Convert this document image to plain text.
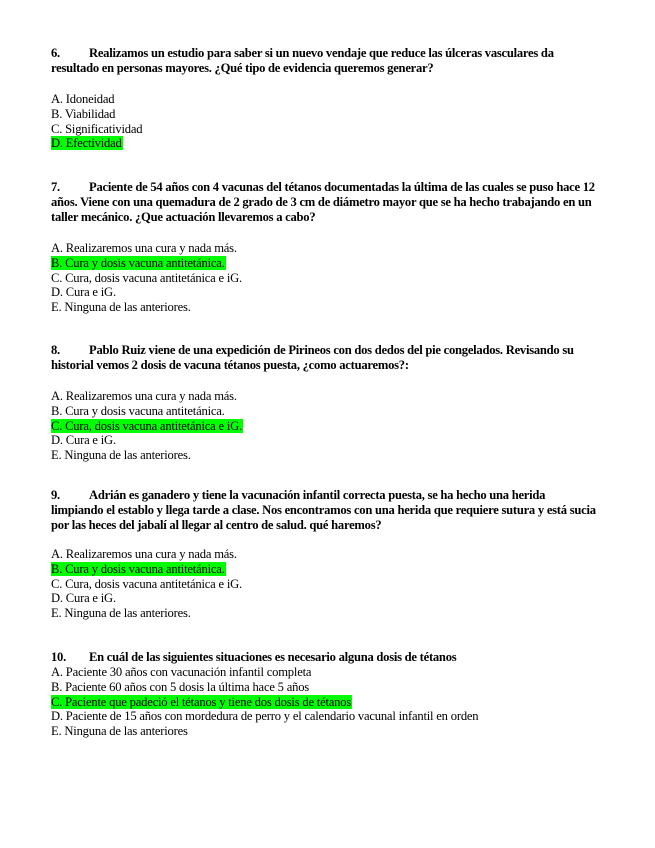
6. Realizamos un estudio para saber si un nuevo vendaje que reduce las úlceras vasculares da resultado en personas mayores. ¿Qué tipo de evidencia queremos generar?

A. Idoneidad
B. Viabilidad
C. Significatividad
D. Efectividad

7. Paciente de 54 años con 4 vacunas del tétanos documentadas la última de las cuales se puso hace 12 años. Viene con una quemadura de 2 grado de 3 cm de diámetro mayor que se ha hecho trabajando en un taller mecánico. ¿Que actuación llevaremos a cabo?

A. Realizaremos una cura y nada más.
B. Cura y dosis vacuna antitetánica.
C. Cura, dosis vacuna antitetánica e iG.
D. Cura e iG.
E. Ninguna de las anteriores.

8. Pablo Ruiz viene de una expedición de Pirineos con dos dedos del pie congelados. Revisando su historial vemos 2 dosis de vacuna tétanos puesta, ¿como actuaremos?:

A. Realizaremos una cura y nada más.
B. Cura y dosis vacuna antitetánica.
C. Cura, dosis vacuna antitetánica e iG.
D. Cura e iG.
E. Ninguna de las anteriores.

9. Adrián es ganadero y tiene la vacunación infantil correcta puesta, se ha hecho una herida limpiando el establo y llega tarde a clase. Nos encontramos con una herida que requiere sutura y está sucia por las heces del jabalí al llegar al centro de salud. qué haremos?

A. Realizaremos una cura y nada más.
B. Cura y dosis vacuna antitetánica.
C. Cura, dosis vacuna antitetánica e iG.
D. Cura e iG.
E. Ninguna de las anteriores.

10. En cuál de las siguientes situaciones es necesario alguna dosis de tétanos

A. Paciente 30 años con vacunación infantil completa
B. Paciente 60 años con 5 dosis la última hace 5 años
C. Paciente que padeció el tétanos y tiene dos dosis de tétanos
D. Paciente de 15 años con mordedura de perro y el calendario vacunal infantil en orden
E. Ninguna de las anteriores
